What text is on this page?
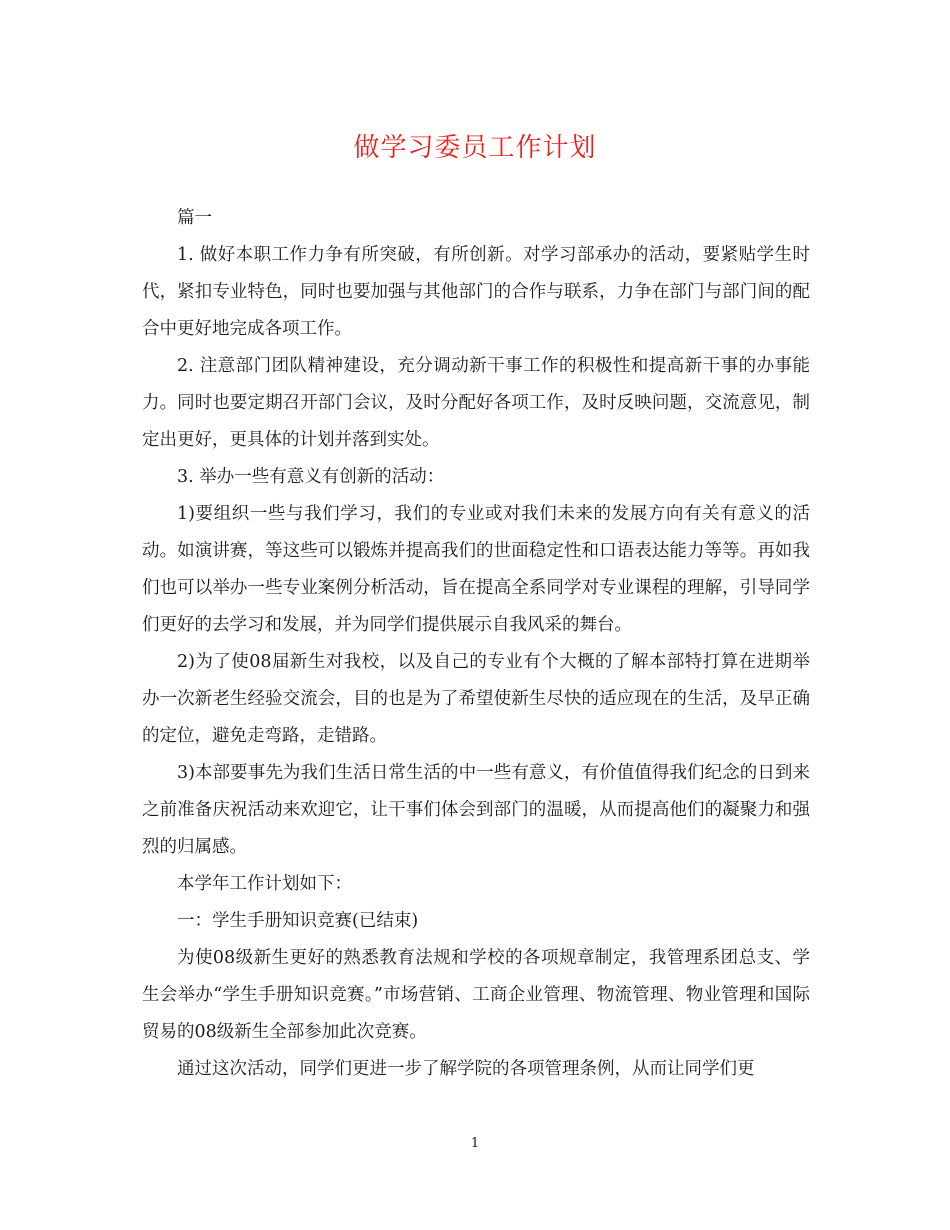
做学习委员工作计划

篇一

1. 做好本职工作力争有所突破，有所创新。对学习部承办的活动，要紧贴学生时代，紧扣专业特色，同时也要加强与其他部门的合作与联系，力争在部门与部门间的配合中更好地完成各项工作。

2. 注意部门团队精神建设，充分调动新干事工作的积极性和提高新干事的办事能力。同时也要定期召开部门会议，及时分配好各项工作，及时反映问题，交流意见，制定出更好，更具体的计划并落到实处。

3. 举办一些有意义有创新的活动：

1)要组织一些与我们学习，我们的专业或对我们未来的发展方向有关有意义的活动。如演讲赛，等这些可以锻炼并提高我们的世面稳定性和口语表达能力等等。再如我们也可以举办一些专业案例分析活动，旨在提高全系同学对专业课程的理解，引导同学们更好的去学习和发展，并为同学们提供展示自我风采的舞台。

2)为了使08届新生对我校，以及自己的专业有个大概的了解本部特打算在进期举办一次新老生经验交流会，目的也是为了希望使新生尽快的适应现在的生活，及早正确的定位，避免走弯路，走错路。

3)本部要事先为我们生活日常生活的中一些有意义，有价值值得我们纪念的日到来之前准备庆祝活动来欢迎它，让干事们体会到部门的温暖，从而提高他们的凝聚力和强烈的归属感。

本学年工作计划如下：

一：学生手册知识竞赛(已结束)

为使08级新生更好的熟悉教育法规和学校的各项规章制定，我管理系团总支、学生会举办“学生手册知识竞赛。”市场营销、工商企业管理、物流管理、物业管理和国际贸易的08级新生全部参加此次竞赛。

通过这次活动，同学们更进一步了解学院的各项管理条例，从而让同学们更

1
